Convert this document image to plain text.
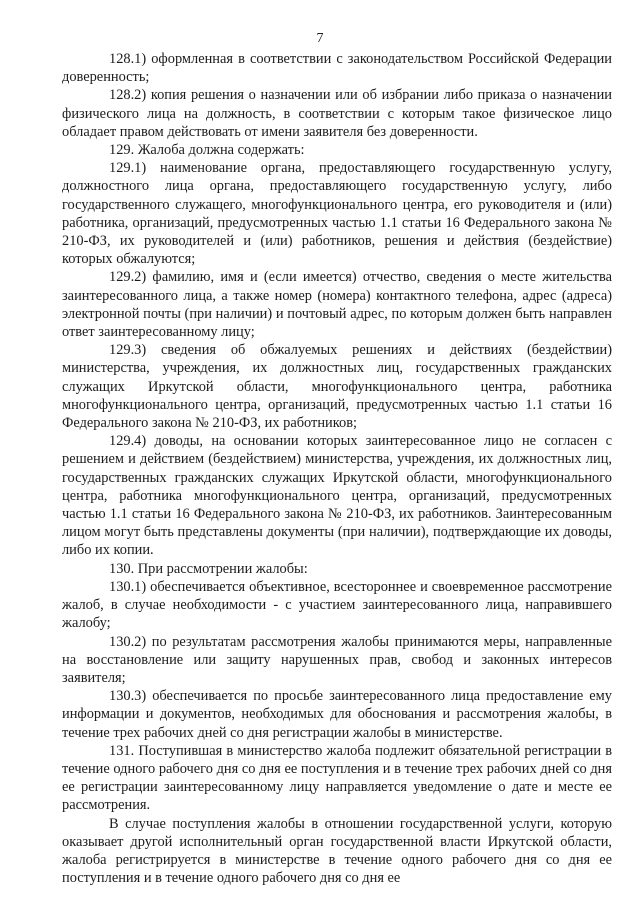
7

128.1) оформленная в соответствии с законодательством Российской Федерации доверенность;

128.2) копия решения о назначении или об избрании либо приказа о назначении физического лица на должность, в соответствии с которым такое физическое лицо обладает правом действовать от имени заявителя без доверенности.

129. Жалоба должна содержать:

129.1) наименование органа, предоставляющего государственную услугу, должностного лица органа, предоставляющего государственную услугу, либо государственного служащего, многофункционального центра, его руководителя и (или) работника, организаций, предусмотренных частью 1.1 статьи 16 Федерального закона № 210-ФЗ, их руководителей и (или) работников, решения и действия (бездействие) которых обжалуются;

129.2) фамилию, имя и (если имеется) отчество, сведения о месте жительства заинтересованного лица, а также номер (номера) контактного телефона, адрес (адреса) электронной почты (при наличии) и почтовый адрес, по которым должен быть направлен ответ заинтересованному лицу;

129.3) сведения об обжалуемых решениях и действиях (бездействии) министерства, учреждения, их должностных лиц, государственных гражданских служащих Иркутской области, многофункционального центра, работника многофункционального центра, организаций, предусмотренных частью 1.1 статьи 16 Федерального закона № 210-ФЗ, их работников;

129.4) доводы, на основании которых заинтересованное лицо не согласен с решением и действием (бездействием) министерства, учреждения, их должностных лиц, государственных гражданских служащих Иркутской области, многофункционального центра, работника многофункционального центра, организаций, предусмотренных частью 1.1 статьи 16 Федерального закона № 210-ФЗ, их работников. Заинтересованным лицом могут быть представлены документы (при наличии), подтверждающие их доводы, либо их копии.

130. При рассмотрении жалобы:

130.1) обеспечивается объективное, всестороннее и своевременное рассмотрение жалоб, в случае необходимости - с участием заинтересованного лица, направившего жалобу;

130.2) по результатам рассмотрения жалобы принимаются меры, направленные на восстановление или защиту нарушенных прав, свобод и законных интересов заявителя;

130.3) обеспечивается по просьбе заинтересованного лица предоставление ему информации и документов, необходимых для обоснования и рассмотрения жалобы, в течение трех рабочих дней со дня регистрации жалобы в министерстве.

131. Поступившая в министерство жалоба подлежит обязательной регистрации в течение одного рабочего дня со дня ее поступления и в течение трех рабочих дней со дня ее регистрации заинтересованному лицу направляется уведомление о дате и месте ее рассмотрения.

В случае поступления жалобы в отношении государственной услуги, которую оказывает другой исполнительный орган государственной власти Иркутской области, жалоба регистрируется в министерстве в течение одного рабочего дня со дня ее поступления и в течение одного рабочего дня со дня ее
